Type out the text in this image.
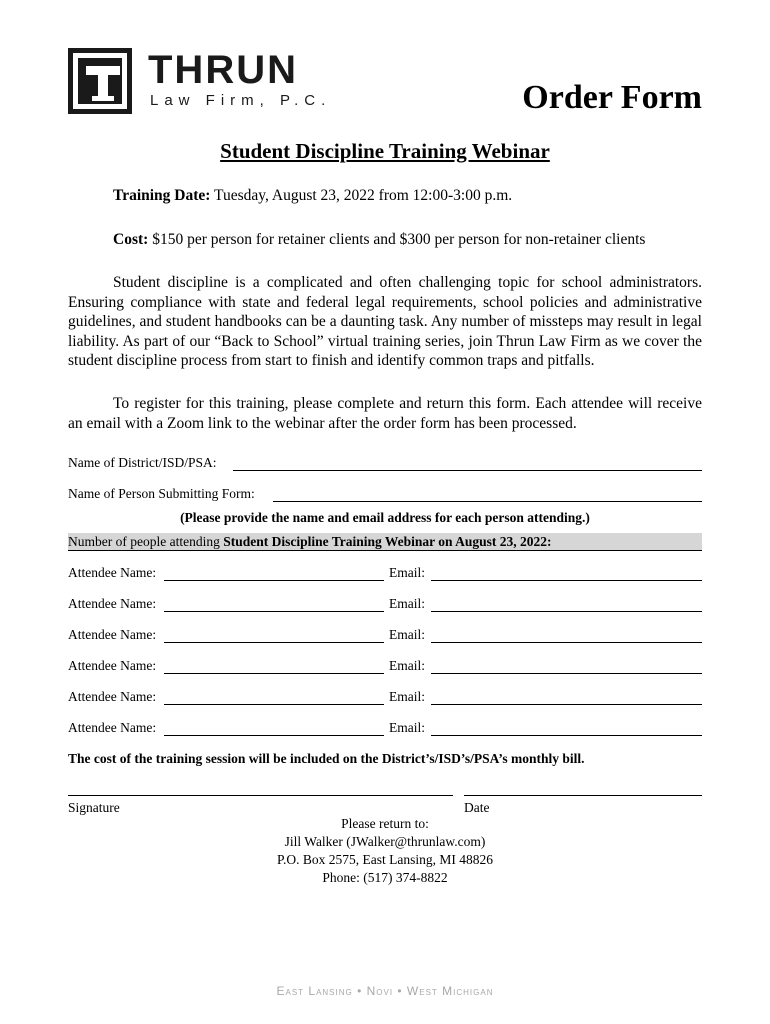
THRUN
Law Firm, P.C.	Order Form
Student Discipline Training Webinar
Training Date: Tuesday, August 23, 2022 from 12:00-3:00 p.m.
Cost: $150 per person for retainer clients and $300 per person for non-retainer clients
Student discipline is a complicated and often challenging topic for school administrators. Ensuring compliance with state and federal legal requirements, school policies and administrative guidelines, and student handbooks can be a daunting task. Any number of missteps may result in legal liability. As part of our “Back to School” virtual training series, join Thrun Law Firm as we cover the student discipline process from start to finish and identify common traps and pitfalls.
To register for this training, please complete and return this form. Each attendee will receive an email with a Zoom link to the webinar after the order form has been processed.
Name of District/ISD/PSA:
Name of Person Submitting Form:
(Please provide the name and email address for each person attending.)
Number of people attending Student Discipline Training Webinar on August 23, 2022:
Attendee Name:	Email:
Attendee Name:	Email:
Attendee Name:	Email:
Attendee Name:	Email:
Attendee Name:	Email:
Attendee Name:	Email:
The cost of the training session will be included on the District’s/ISD’s/PSA’s monthly bill.
Signature	Date
Please return to:
Jill Walker (JWalker@thrunlaw.com)
P.O. Box 2575, East Lansing, MI 48826
Phone: (517) 374-8822
East Lansing • Novi • West Michigan
